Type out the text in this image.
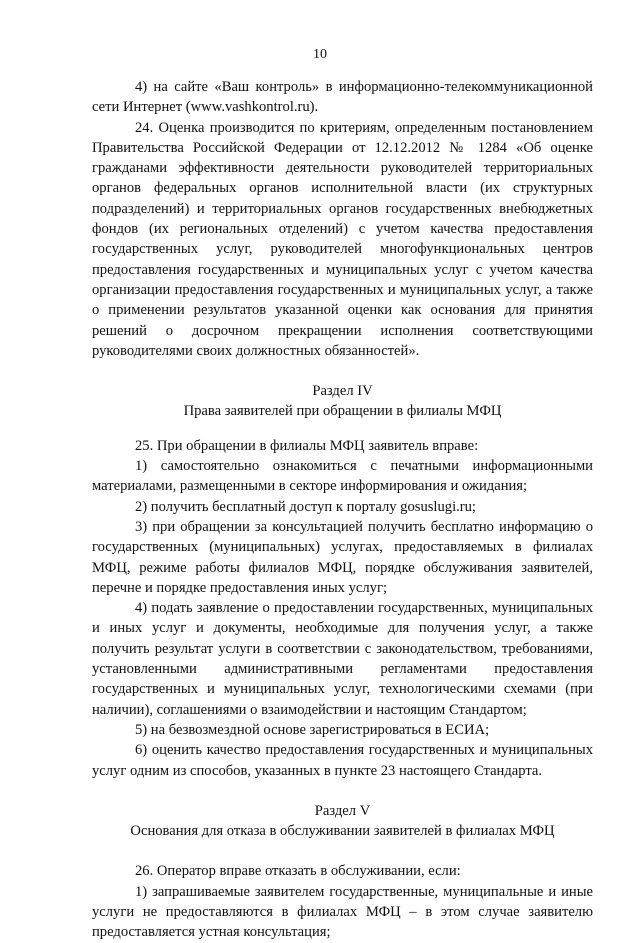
10

4) на сайте «Ваш контроль» в информационно-телекоммуникационной сети Интернет (www.vashkontrol.ru).

24. Оценка производится по критериям, определенным постановлением Правительства Российской Федерации от 12.12.2012 № 1284 «Об оценке гражданами эффективности деятельности руководителей территориальных органов федеральных органов исполнительной власти (их структурных подразделений) и территориальных органов государственных внебюджетных фондов (их региональных отделений) с учетом качества предоставления государственных услуг, руководителей многофункциональных центров предоставления государственных и муниципальных услуг с учетом качества организации предоставления государственных и муниципальных услуг, а также о применении результатов указанной оценки как основания для принятия решений о досрочном прекращении исполнения соответствующими руководителями своих должностных обязанностей».

Раздел IV

Права заявителей при обращении в филиалы МФЦ

25. При обращении в филиалы МФЦ заявитель вправе:

1) самостоятельно ознакомиться с печатными информационными материалами, размещенными в секторе информирования и ожидания;

2) получить бесплатный доступ к порталу gosuslugi.ru;

3) при обращении за консультацией получить бесплатно информацию о государственных (муниципальных) услугах, предоставляемых в филиалах МФЦ, режиме работы филиалов МФЦ, порядке обслуживания заявителей, перечне и порядке предоставления иных услуг;

4) подать заявление о предоставлении государственных, муниципальных и иных услуг и документы, необходимые для получения услуг, а также получить результат услуги в соответствии с законодательством, требованиями, установленными административными регламентами предоставления государственных и муниципальных услуг, технологическими схемами (при наличии), соглашениями о взаимодействии и настоящим Стандартом;

5) на безвозмездной основе зарегистрироваться в ЕСИА;

6) оценить качество предоставления государственных и муниципальных услуг одним из способов, указанных в пункте 23 настоящего Стандарта.

Раздел V

Основания для отказа в обслуживании заявителей в филиалах МФЦ

26. Оператор вправе отказать в обслуживании, если:

1) запрашиваемые заявителем государственные, муниципальные и иные услуги не предоставляются в филиалах МФЦ – в этом случае заявителю предоставляется устная консультация;
